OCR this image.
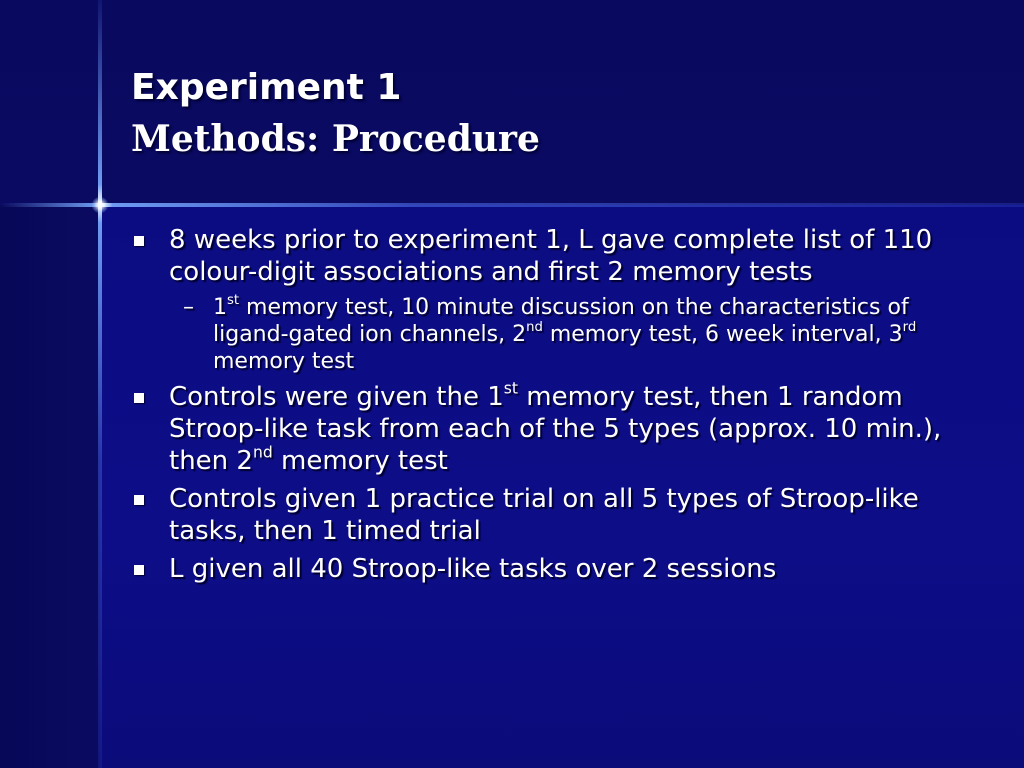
Experiment 1
Methods: Procedure
8 weeks prior to experiment 1, L gave complete list of 110 colour-digit associations and first 2 memory tests
– 1st memory test, 10 minute discussion on the characteristics of ligand-gated ion channels, 2nd memory test, 6 week interval, 3rd memory test
Controls were given the 1st memory test, then 1 random Stroop-like task from each of the 5 types (approx. 10 min.), then 2nd memory test
Controls given 1 practice trial on all 5 types of Stroop-like tasks, then 1 timed trial
L given all 40 Stroop-like tasks over 2 sessions
